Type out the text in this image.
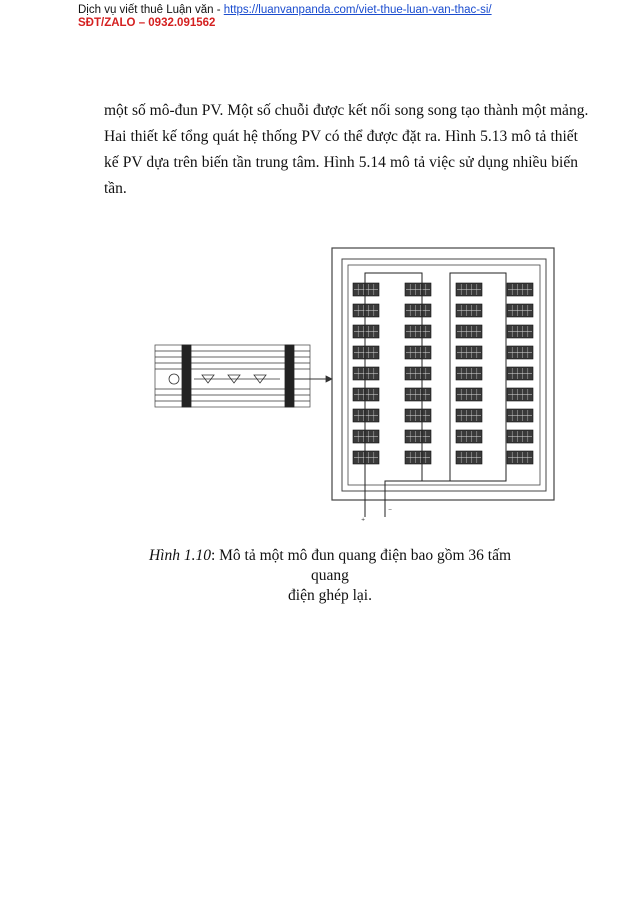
Dịch vụ viết thuê Luận văn - https://luanvanpanda.com/viet-thue-luan-van-thac-si/
SĐT/ZALO – 0932.091562
một số mô-đun PV. Một số chuỗi được kết nối song song tạo thành một mảng.
Hai thiết kế tổng quát hệ thống PV có thể được đặt ra. Hình 5.13 mô tả thiết
kế PV dựa trên biến tần trung tâm. Hình 5.14 mô tả việc sử dụng nhiều biến
tần.
+
−
Hình 1.10: Mô tả một mô đun quang điện bao gồm 36 tấm quang
điện ghép lại.
